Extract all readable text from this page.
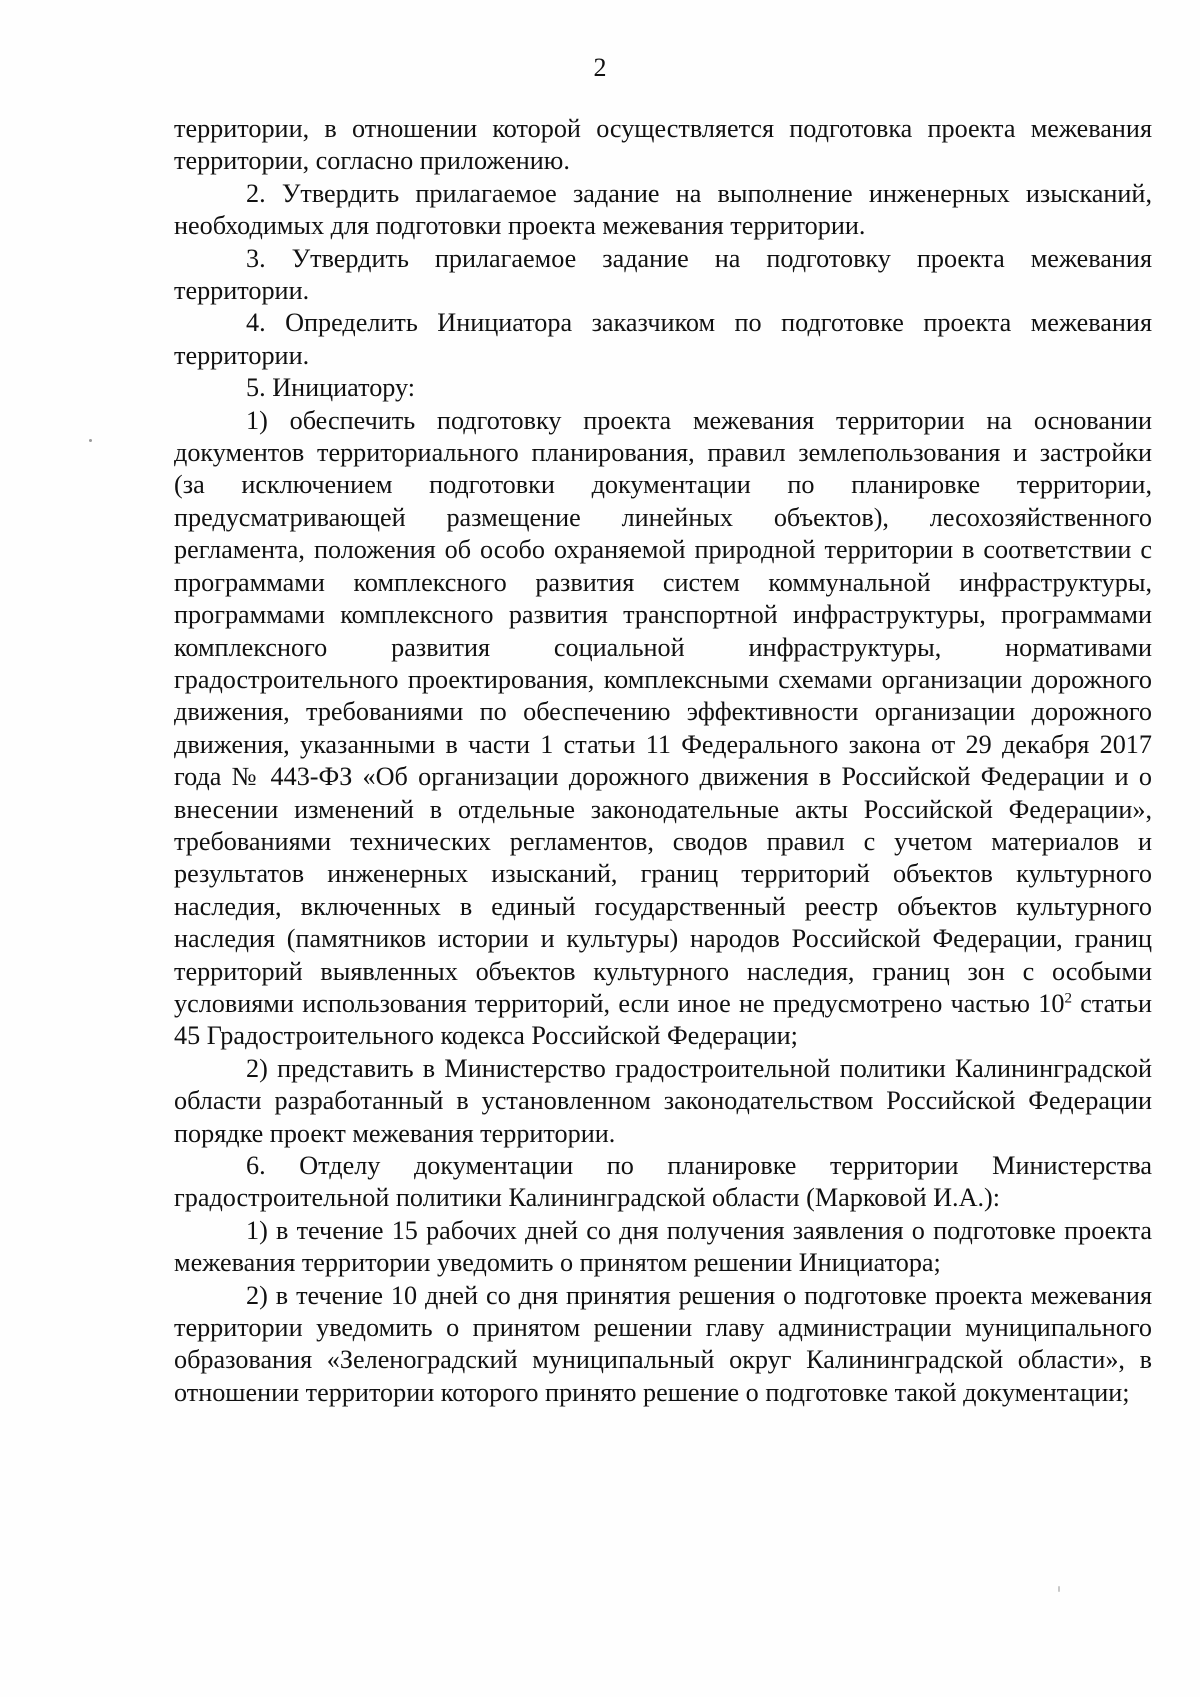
2

территории, в отношении которой осуществляется подготовка проекта межевания территории, согласно приложению.

2. Утвердить прилагаемое задание на выполнение инженерных изысканий, необходимых для подготовки проекта межевания территории.

3. Утвердить прилагаемое задание на подготовку проекта межевания территории.

4. Определить Инициатора заказчиком по подготовке проекта межевания территории.

5. Инициатору:

1) обеспечить подготовку проекта межевания территории на основании документов территориального планирования, правил землепользования и застройки (за исключением подготовки документации по планировке территории, предусматривающей размещение линейных объектов), лесохозяйственного регламента, положения об особо охраняемой природной территории в соответствии с программами комплексного развития систем коммунальной инфраструктуры, программами комплексного развития транспортной инфраструктуры, программами комплексного развития социальной инфраструктуры, нормативами градостроительного проектирования, комплексными схемами организации дорожного движения, требованиями по обеспечению эффективности организации дорожного движения, указанными в части 1 статьи 11 Федерального закона от 29 декабря 2017 года № 443-ФЗ «Об организации дорожного движения в Российской Федерации и о внесении изменений в отдельные законодательные акты Российской Федерации», требованиями технических регламентов, сводов правил с учетом материалов и результатов инженерных изысканий, границ территорий объектов культурного наследия, включенных в единый государственный реестр объектов культурного наследия (памятников истории и культуры) народов Российской Федерации, границ территорий выявленных объектов культурного наследия, границ зон с особыми условиями использования территорий, если иное не предусмотрено частью $10^2$ статьи 45 Градостроительного кодекса Российской Федерации;

2) представить в Министерство градостроительной политики Калининградской области разработанный в установленном законодательством Российской Федерации порядке проект межевания территории.

6. Отделу документации по планировке территории Министерства градостроительной политики Калининградской области (Марковой И.А.):

1) в течение 15 рабочих дней со дня получения заявления о подготовке проекта межевания территории уведомить о принятом решении Инициатора;

2) в течение 10 дней со дня принятия решения о подготовке проекта межевания территории уведомить о принятом решении главу администрации муниципального образования «Зеленоградский муниципальный округ Калининградской области», в отношении территории которого принято решение о подготовке такой документации;
